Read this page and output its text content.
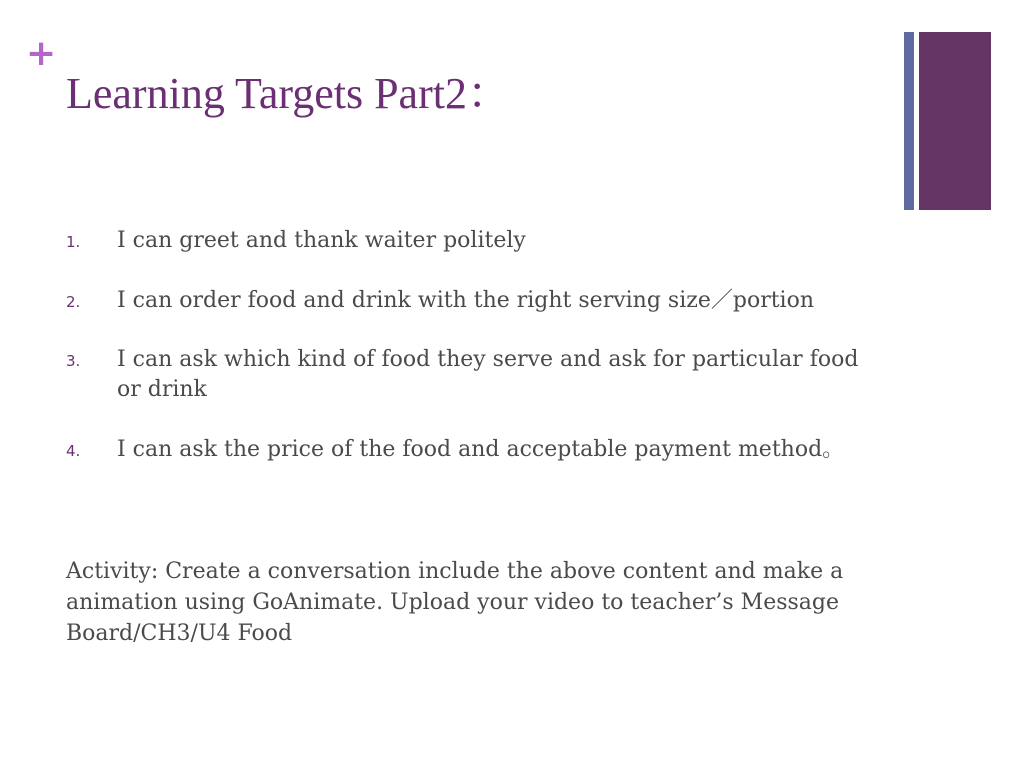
+
Learning Targets Part2：
1. I can greet and thank waiter politely
2. I can order food and drink with the right serving size／portion
3. I can ask which kind of food they serve and ask for particular food or drink
4. I can ask the price of the food and acceptable payment method。

Activity: Create a conversation include the above content and make a animation using GoAnimate. Upload your video to teacher’s Message Board/CH3/U4 Food
